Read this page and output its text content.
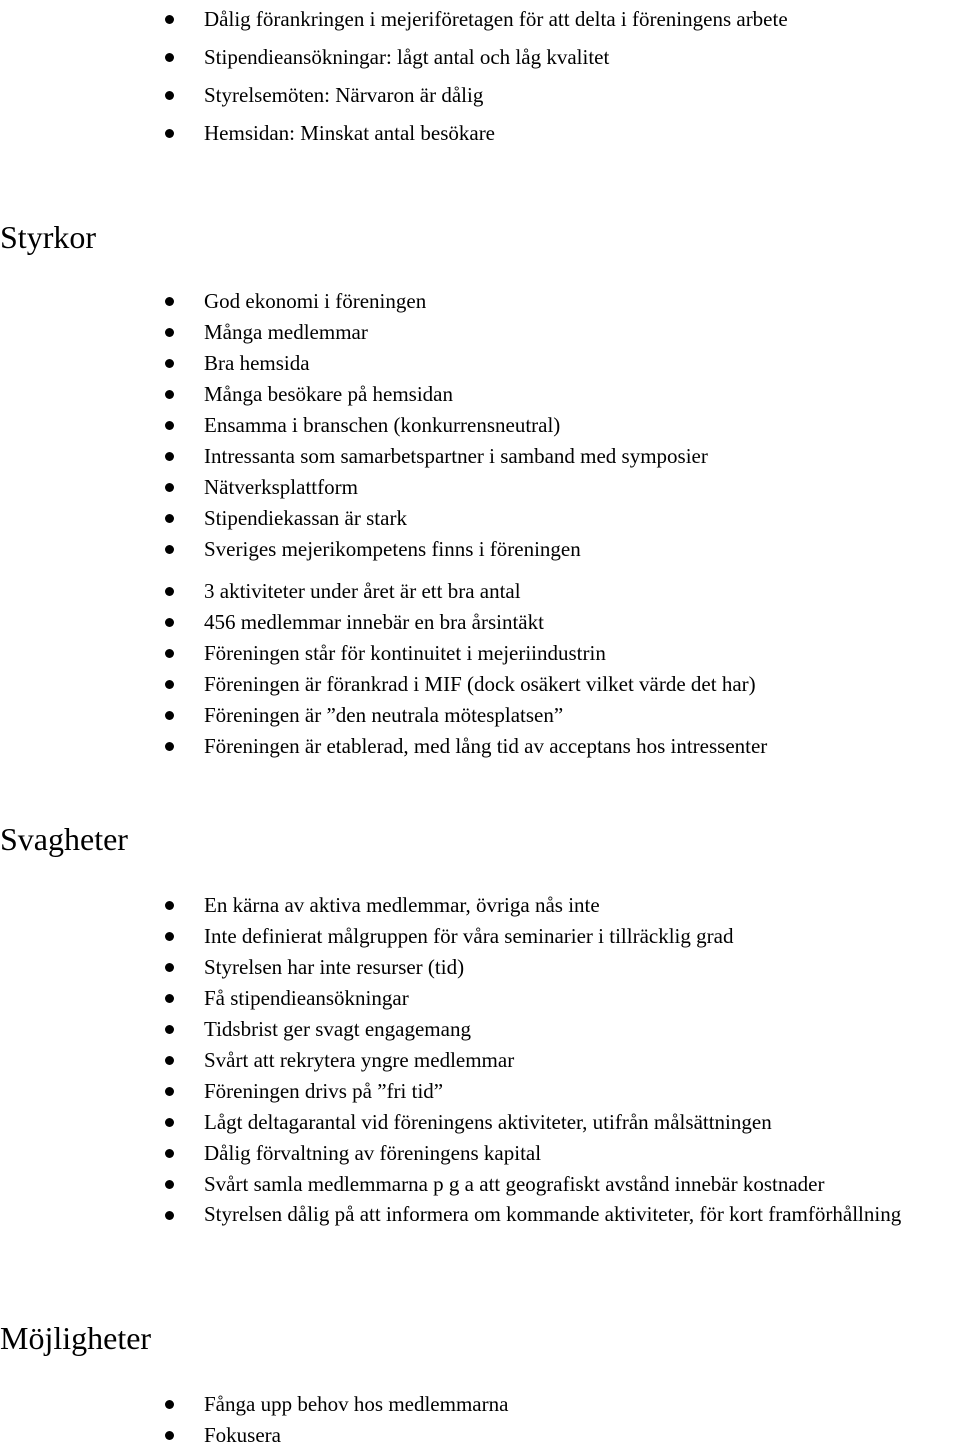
Dålig förankringen i mejeriföretagen för att delta i föreningens arbete
Stipendieansökningar: lågt antal och låg kvalitet
Styrelsemöten: Närvaron är dålig
Hemsidan: Minskat antal besökare
Styrkor
God ekonomi i föreningen
Många medlemmar
Bra hemsida
Många besökare på hemsidan
Ensamma i branschen (konkurrensneutral)
Intressanta som samarbetspartner i samband med symposier
Nätverksplattform
Stipendiekassan är stark
Sveriges mejerikompetens finns i föreningen
3 aktiviteter under året är ett bra antal
456 medlemmar innebär en bra årsintäkt
Föreningen står för kontinuitet i mejeriindustrin
Föreningen är förankrad i MIF (dock osäkert vilket värde det har)
Föreningen är ”den neutrala mötesplatsen”
Föreningen är etablerad, med lång tid av acceptans hos intressenter
Svagheter
En kärna av aktiva medlemmar, övriga nås inte
Inte definierat målgruppen för våra seminarier i tillräcklig grad
Styrelsen har inte resurser (tid)
Få stipendieansökningar
Tidsbrist ger svagt engagemang
Svårt att rekrytera yngre medlemmar
Föreningen drivs på ”fri tid”
Lågt deltagarantal vid föreningens aktiviteter, utifrån målsättningen
Dålig förvaltning av föreningens kapital
Svårt samla medlemmarna p g a att geografiskt avstånd innebär kostnader
Styrelsen dålig på att informera om kommande aktiviteter, för kort framförhållning
Möjligheter
Fånga upp behov hos medlemmarna
Fokusera
